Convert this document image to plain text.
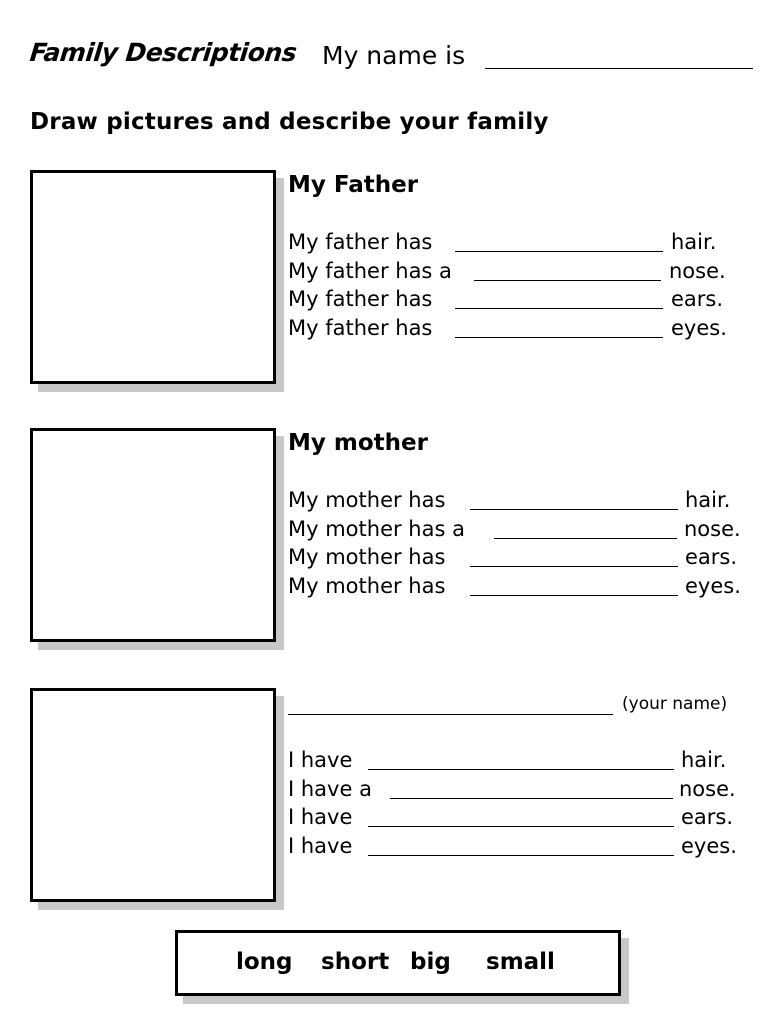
Family Descriptions My name is
Draw pictures and describe your family
My Father
My father has	hair.
My father has a	nose.
My father has	ears.
My father has	eyes.
My mother
My mother has	hair.
My mother has a	nose.
My mother has	ears.
My mother has	eyes.
(your name)
I have	hair.
I have a	nose.
I have	ears.
I have	eyes.
long short big small
